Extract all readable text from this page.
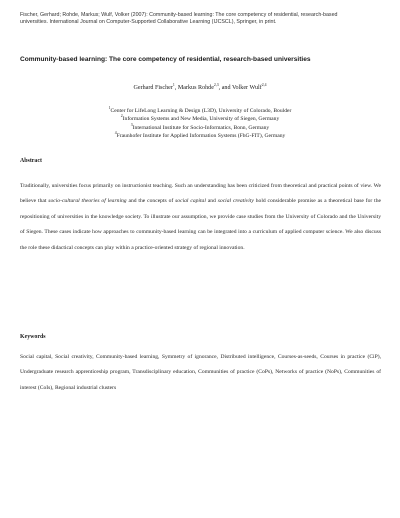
Fischer, Gerhard; Rohde, Markus; Wulf, Volker (2007): Community-based learning: The core competency of residential, research-based universities. International Journal on Computer-Supported Collaborative Learning (IJCSCL), Springer, in print.
Community-based learning: The core competency of residential, research-based universities
Gerhard Fischer$^1$, Markus Rohde$^{2,3}$, and Volker Wulf$^{2,4}$
$^1$Center for LifeLong Learning & Design (L3D), University of Colorado, Boulder
$^2$Information Systems and New Media, University of Siegen, Germany
$^3$International Institute for Socio-Informatics, Bonn, Germany
$^4$Fraunhofer Institute for Applied Information Systems (FhG-FIT), Germany
Abstract
Traditionally, universities focus primarily on instructionist teaching. Such an understanding has been criticized from theoretical and practical points of view. We believe that socio-cultural theories of learning and the concepts of social capital and social creativity hold considerable promise as a theoretical base for the repositioning of universities in the knowledge society. To illustrate our assumption, we provide case studies from the University of Colorado and the University of Siegen. These cases indicate how approaches to community-based learning can be integrated into a curriculum of applied computer science. We also discuss the role these didactical concepts can play within a practice-oriented strategy of regional innovation.
Keywords
Social capital, Social creativity, Community-based learning, Symmetry of ignorance, Distributed intelligence, Courses-as-seeds, Courses in practice (CiP), Undergraduate research apprenticeship program, Transdisciplinary education, Communities of practice (CoPs), Networks of practice (NoPs), Communities of interest (CoIs), Regional industrial clusters
